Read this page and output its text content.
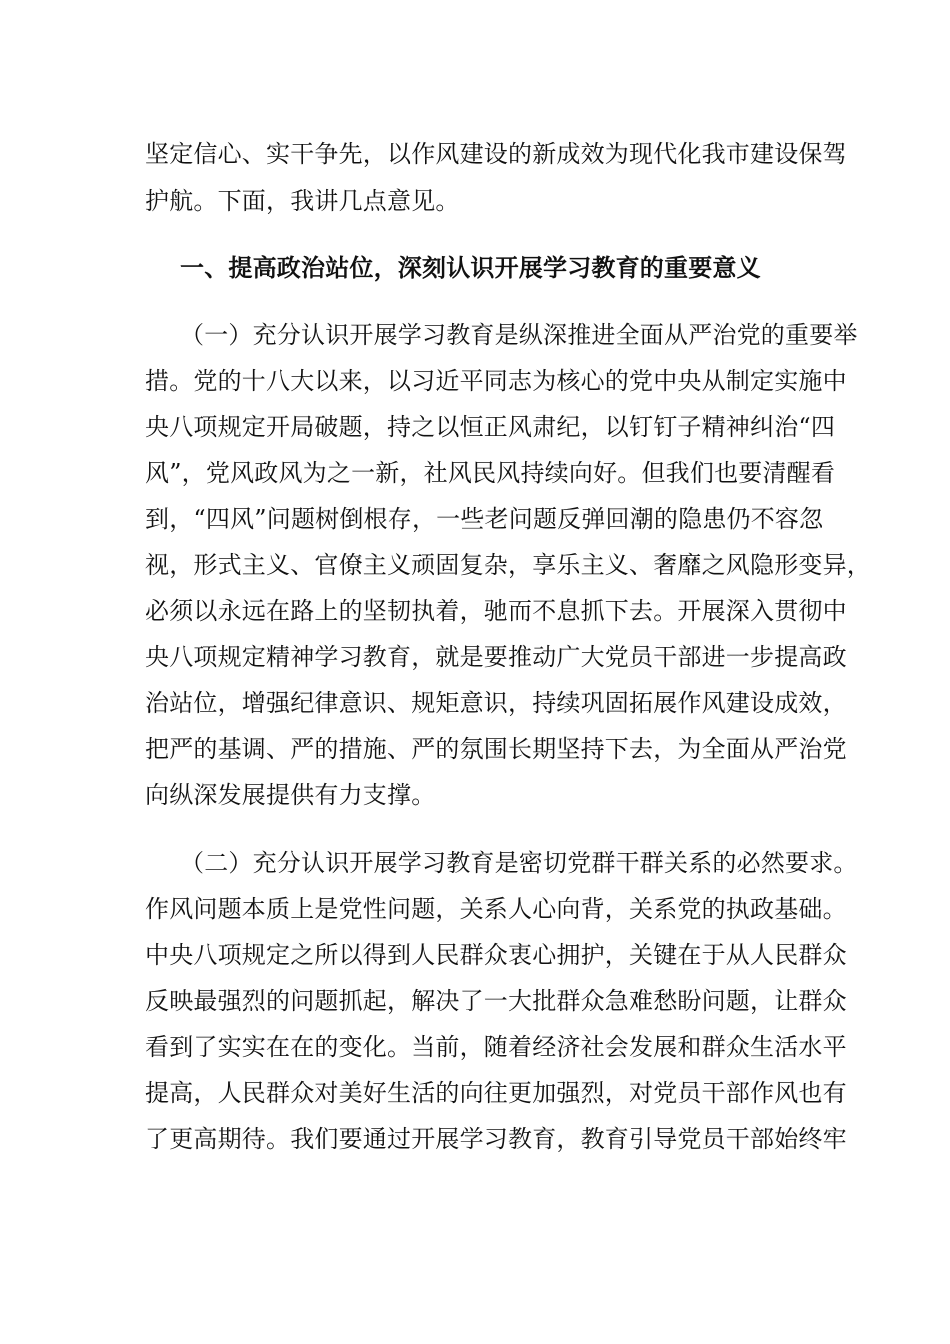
坚定信心、实干争先，以作风建设的新成效为现代化我市建设保驾
护航。下面，我讲几点意见。
一、提高政治站位，深刻认识开展学习教育的重要意义
（一）充分认识开展学习教育是纵深推进全面从严治党的重要举
措。党的十八大以来，以习近平同志为核心的党中央从制定实施中
央八项规定开局破题，持之以恒正风肃纪，以钉钉子精神纠治“四
风”，党风政风为之一新，社风民风持续向好。但我们也要清醒看
到，“四风”问题树倒根存，一些老问题反弹回潮的隐患仍不容忽
视，形式主义、官僚主义顽固复杂，享乐主义、奢靡之风隐形变异，
必须以永远在路上的坚韧执着，驰而不息抓下去。开展深入贯彻中
央八项规定精神学习教育，就是要推动广大党员干部进一步提高政
治站位，增强纪律意识、规矩意识，持续巩固拓展作风建设成效，
把严的基调、严的措施、严的氛围长期坚持下去，为全面从严治党
向纵深发展提供有力支撑。
（二）充分认识开展学习教育是密切党群干群关系的必然要求。
作风问题本质上是党性问题，关系人心向背，关系党的执政基础。
中央八项规定之所以得到人民群众衷心拥护，关键在于从人民群众
反映最强烈的问题抓起，解决了一大批群众急难愁盼问题，让群众
看到了实实在在的变化。当前，随着经济社会发展和群众生活水平
提高，人民群众对美好生活的向往更加强烈，对党员干部作风也有
了更高期待。我们要通过开展学习教育，教育引导党员干部始终牢
